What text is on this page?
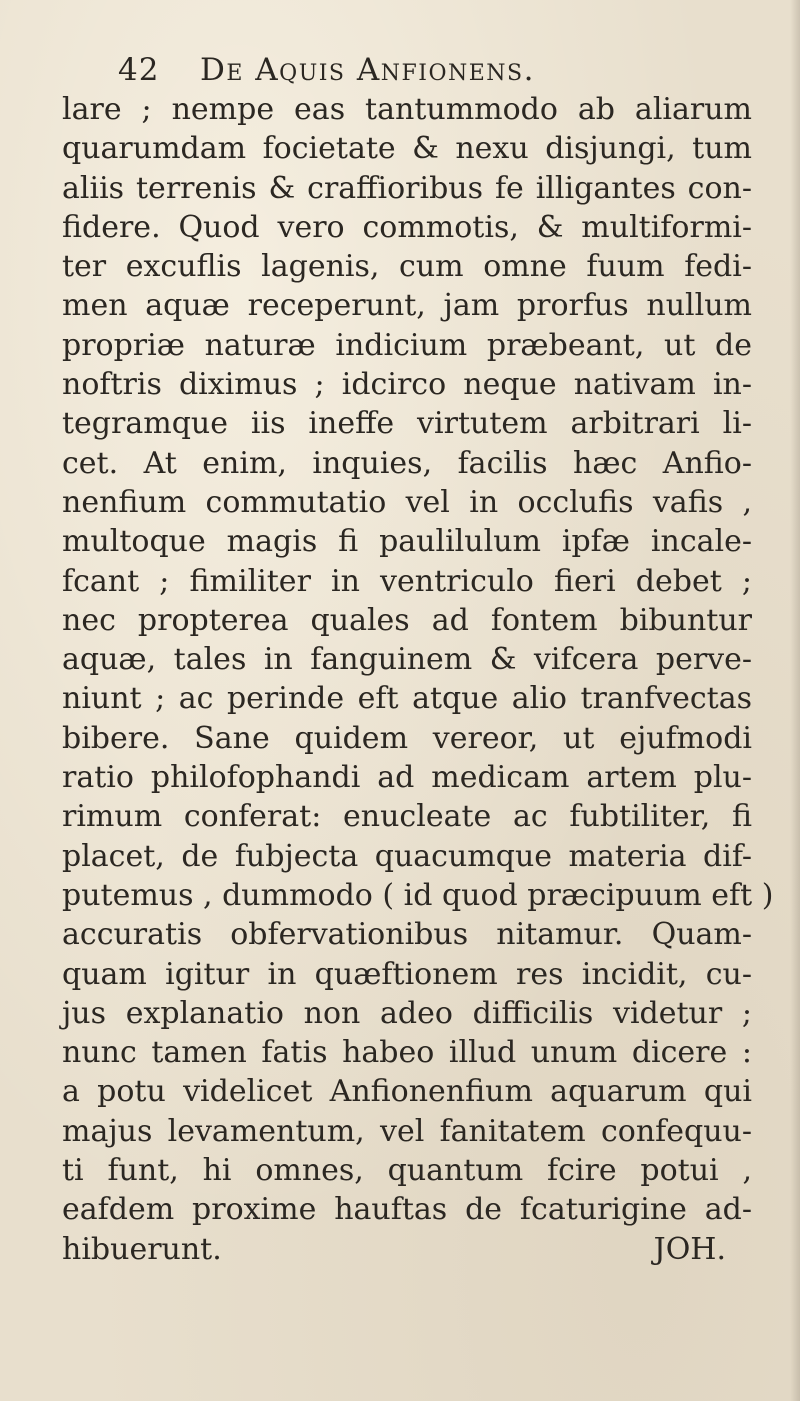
42 De Aquis Anfionens.
lare ; nempe eas tantummodo ab aliarum
quarumdam focietate & nexu disjungi, tum
aliis terrenis & craffioribus fe illigantes con-
fidere. Quod vero commotis, & multiformi-
ter excuflis lagenis, cum omne fuum fedi-
men aquæ receperunt, jam prorfus nullum
propriæ naturæ indicium præbeant, ut de
noftris diximus ; idcirco neque nativam in-
tegramque iis ineffe virtutem arbitrari li-
cet. At enim, inquies, facilis hæc Anfio-
nenfium commutatio vel in occlufis vafis ,
multoque magis fi paulilulum ipfæ incale-
fcant ; fimiliter in ventriculo fieri debet ;
nec propterea quales ad fontem bibuntur
aquæ, tales in fanguinem & vifcera perve-
niunt ; ac perinde eft atque alio tranfvectas
bibere. Sane quidem vereor, ut ejufmodi
ratio philofophandi ad medicam artem plu-
rimum conferat: enucleate ac fubtiliter, fi
placet, de fubjecta quacumque materia dif-
putemus , dummodo ( id quod præcipuum eft )
accuratis obfervationibus nitamur. Quam-
quam igitur in quæftionem res incidit, cu-
jus explanatio non adeo difficilis videtur ;
nunc tamen fatis habeo illud unum dicere :
a potu videlicet Anfionenfium aquarum qui
majus levamentum, vel fanitatem confequu-
ti funt, hi omnes, quantum fcire potui ,
eafdem proxime hauftas de fcaturigine ad-
hibuerunt.	JOH.
